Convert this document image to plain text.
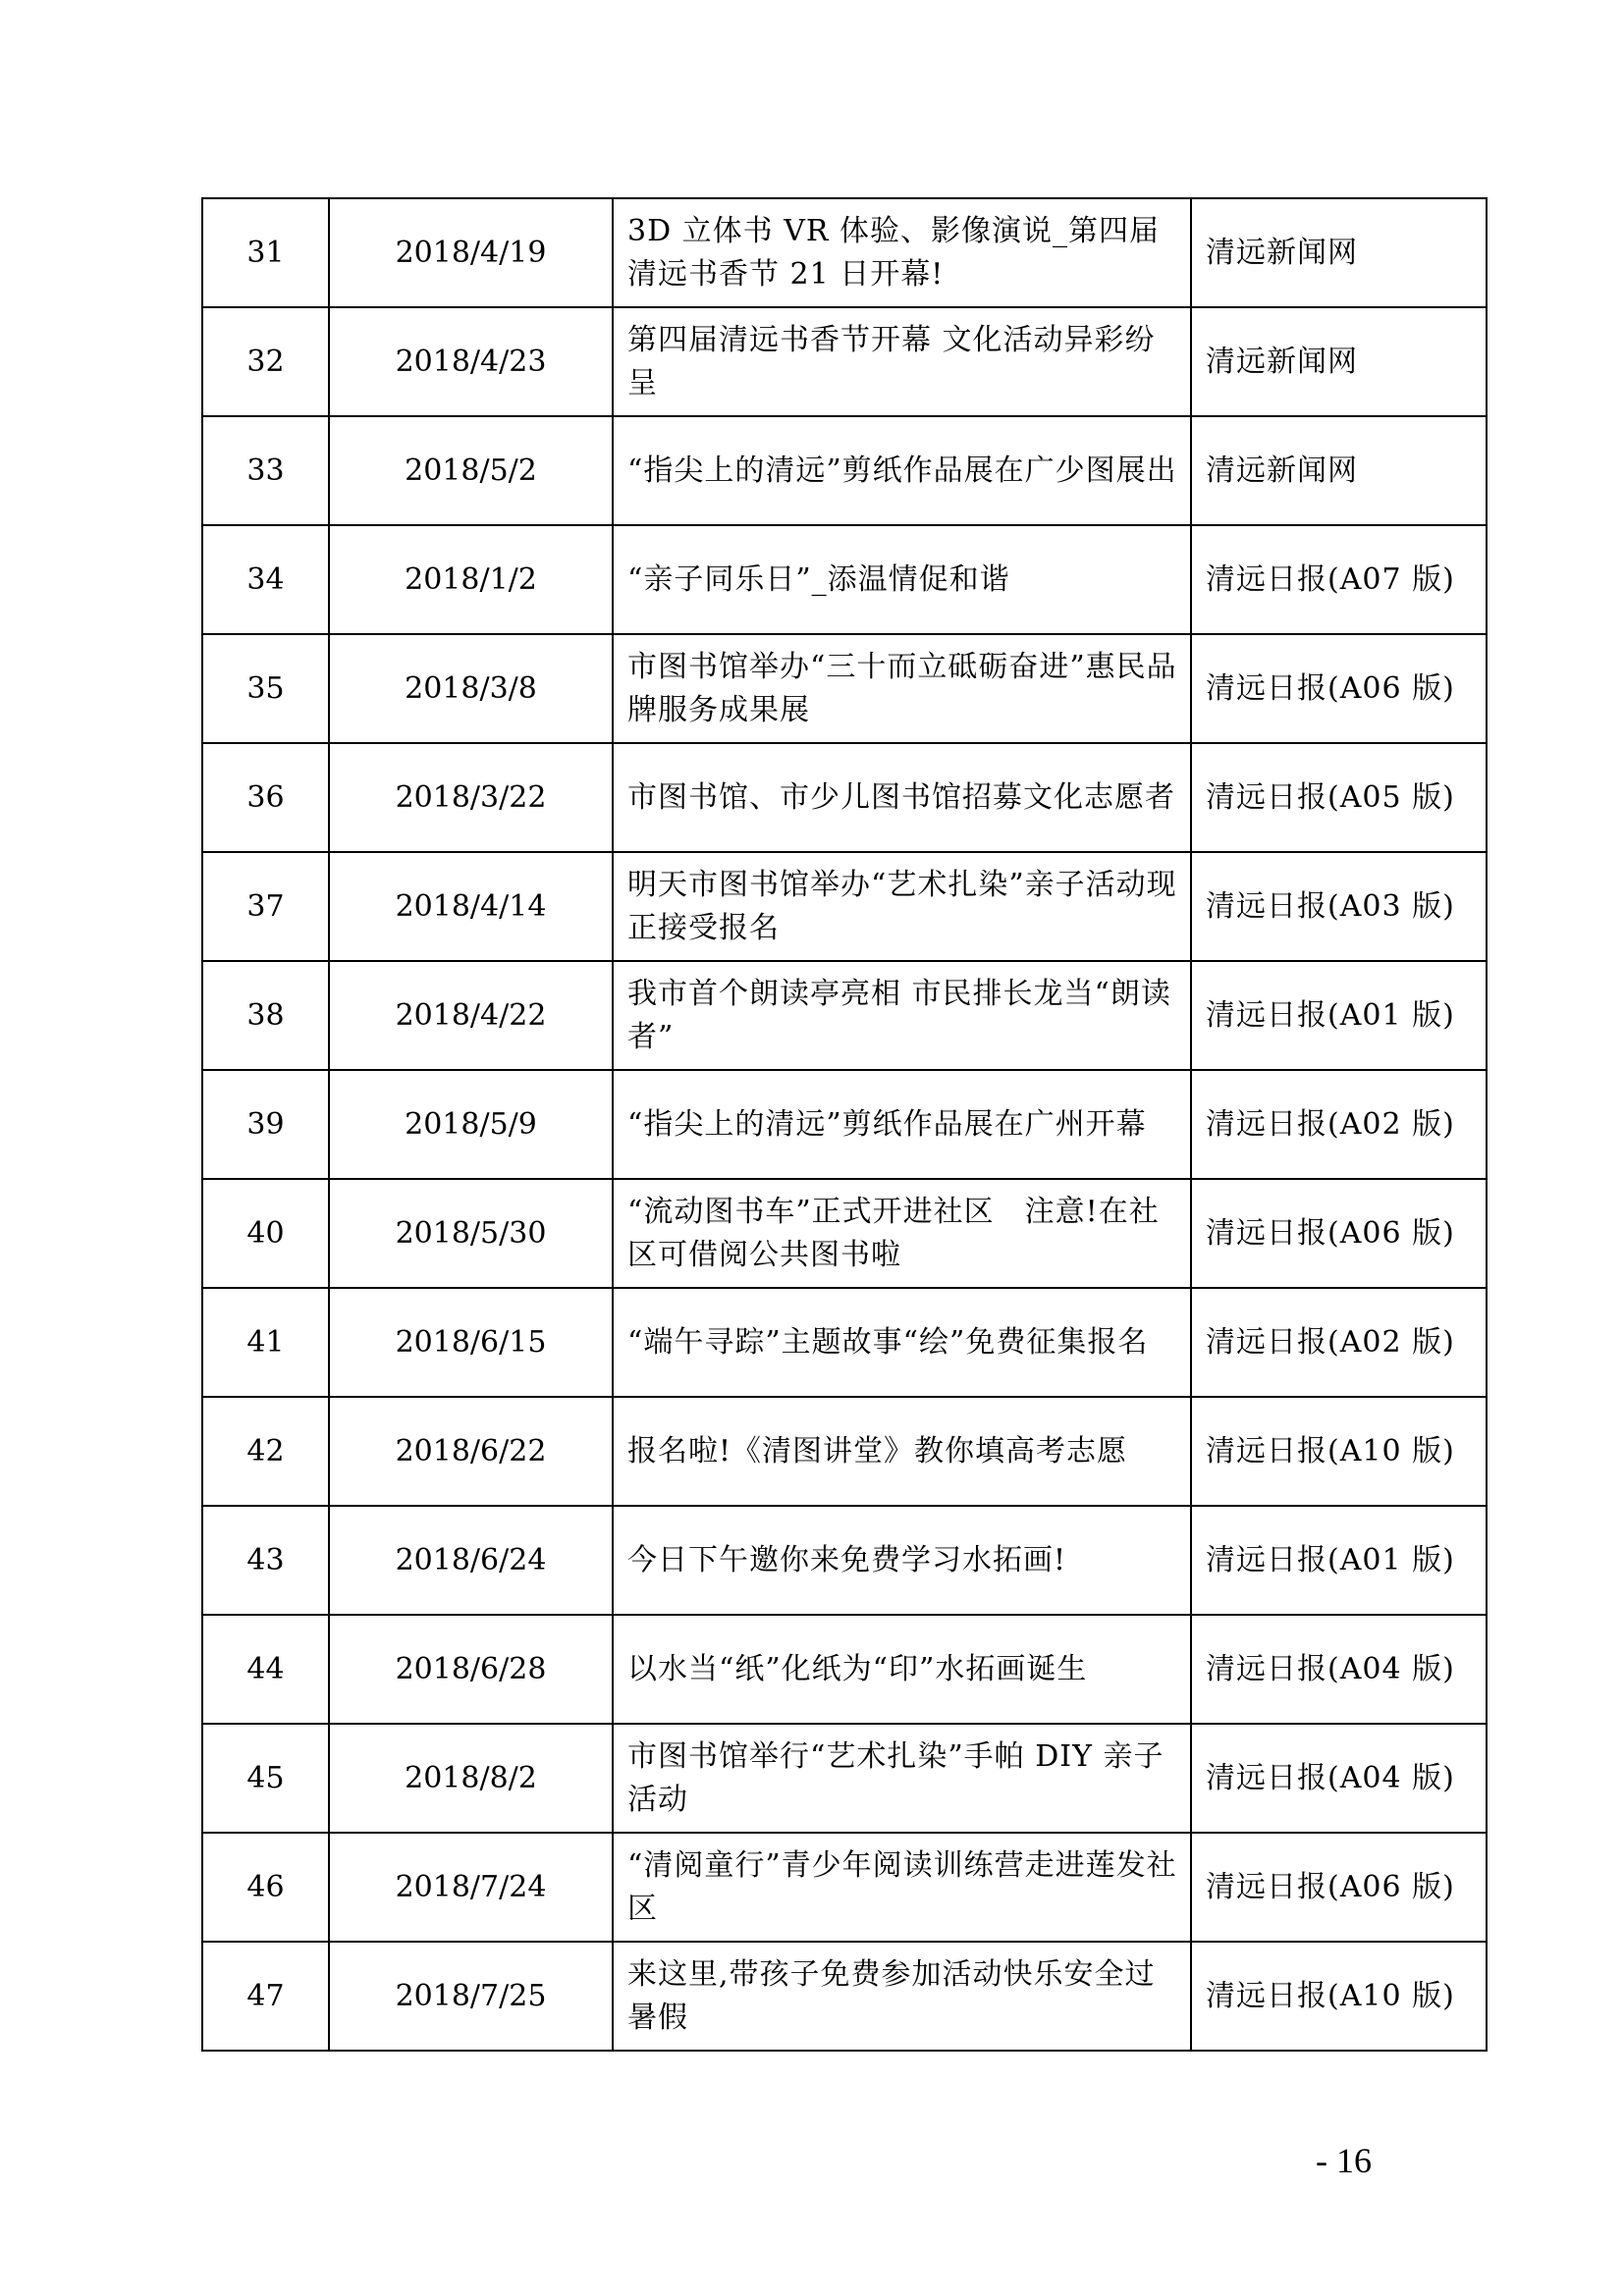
31	2018/4/19	3D 立体书 VR 体验、影像演说_第四届清远书香节 21 日开幕!	清远新闻网
32	2018/4/23	第四届清远书香节开幕 文化活动异彩纷呈	清远新闻网
33	2018/5/2	“指尖上的清远”剪纸作品展在广少图展出	清远新闻网
34	2018/1/2	“亲子同乐日”_添温情促和谐	清远日报(A07 版)
35	2018/3/8	市图书馆举办“三十而立砥砺奋进”惠民品牌服务成果展	清远日报(A06 版)
36	2018/3/22	市图书馆、市少儿图书馆招募文化志愿者	清远日报(A05 版)
37	2018/4/14	明天市图书馆举办“艺术扎染”亲子活动现正接受报名	清远日报(A03 版)
38	2018/4/22	我市首个朗读亭亮相 市民排长龙当“朗读者”	清远日报(A01 版)
39	2018/5/9	“指尖上的清远”剪纸作品展在广州开幕	清远日报(A02 版)
40	2018/5/30	“流动图书车”正式开进社区　注意!在社区可借阅公共图书啦	清远日报(A06 版)
41	2018/6/15	“端午寻踪”主题故事“绘”免费征集报名	清远日报(A02 版)
42	2018/6/22	报名啦!《清图讲堂》教你填高考志愿	清远日报(A10 版)
43	2018/6/24	今日下午邀你来免费学习水拓画!	清远日报(A01 版)
44	2018/6/28	以水当“纸”化纸为“印”水拓画诞生	清远日报(A04 版)
45	2018/8/2	市图书馆举行“艺术扎染”手帕 DIY 亲子活动	清远日报(A04 版)
46	2018/7/24	“清阅童行”青少年阅读训练营走进莲发社区	清远日报(A06 版)
47	2018/7/25	来这里,带孩子免费参加活动快乐安全过暑假	清远日报(A10 版)
- 16
